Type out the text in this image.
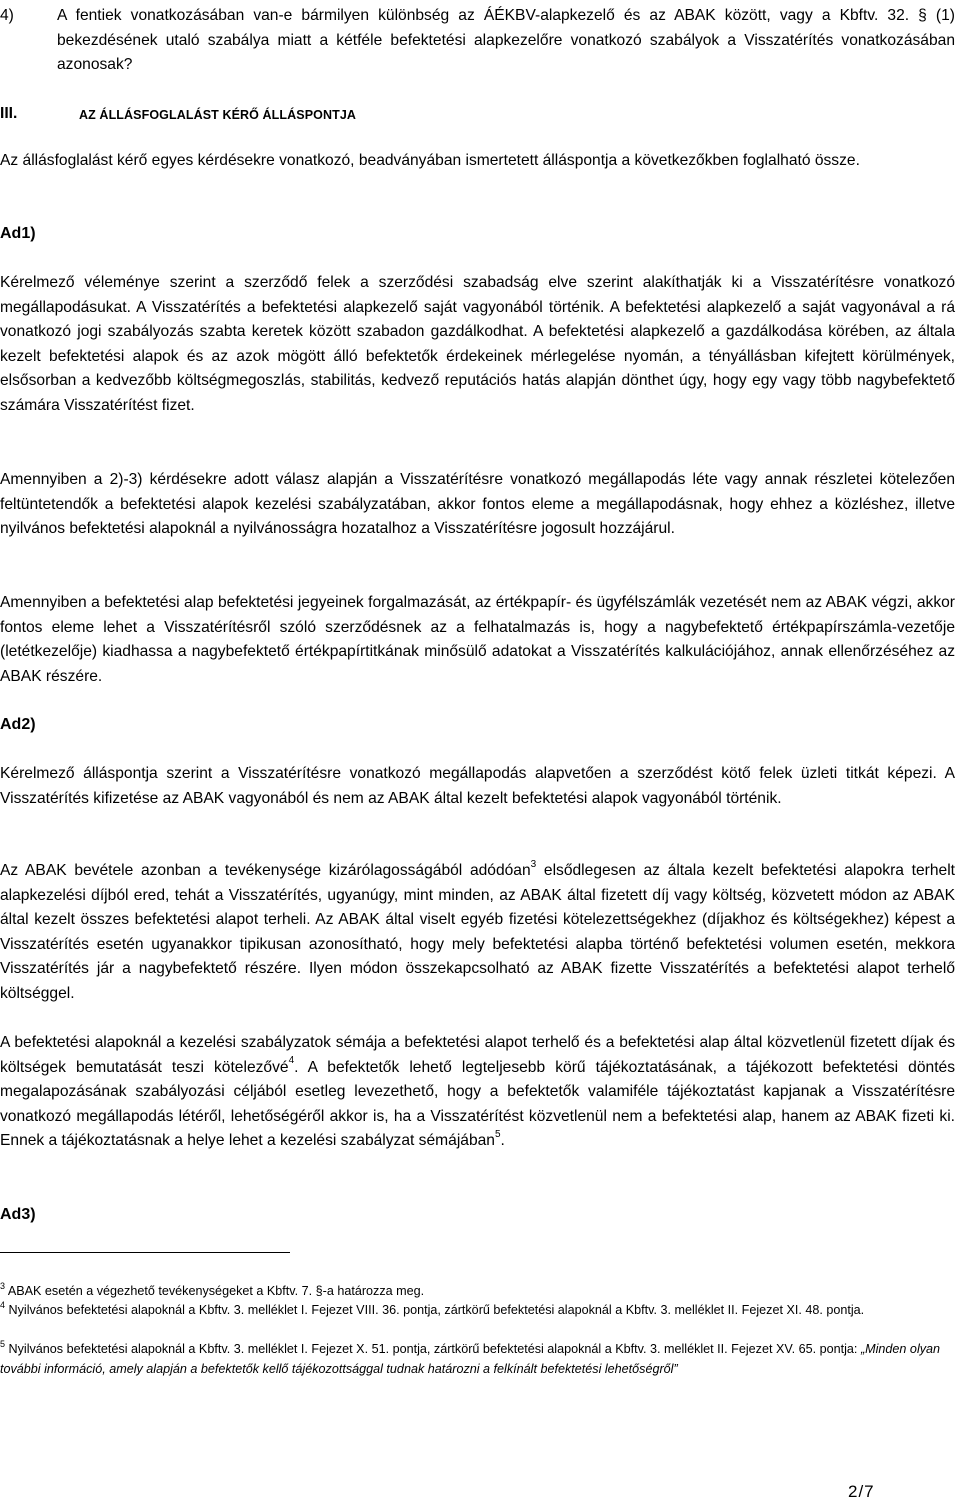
4)	A fentiek vonatkozásában van-e bármilyen különbség az ÁÉKBV-alapkezelő és az ABAK között, vagy a Kbftv. 32. § (1) bekezdésének utaló szabálya miatt a kétféle befektetési alapkezelőre vonatkozó szabályok a Visszatérítés vonatkozásában azonosak?

III.	AZ ÁLLÁSFOGLALÁST KÉRŐ ÁLLÁSPONTJA

Az állásfoglalást kérő egyes kérdésekre vonatkozó, beadványában ismertetett álláspontja a következőkben foglalható össze.

Ad1)

Kérelmező véleménye szerint a szerződő felek a szerződési szabadság elve szerint alakíthatják ki a Visszatérítésre vonatkozó megállapodásukat. A Visszatérítés a befektetési alapkezelő saját vagyonából történik. A befektetési alapkezelő a saját vagyonával a rá vonatkozó jogi szabályozás szabta keretek között szabadon gazdálkodhat. A befektetési alapkezelő a gazdálkodása körében, az általa kezelt befektetési alapok és az azok mögött álló befektetők érdekeinek mérlegelése nyomán, a tényállásban kifejtett körülmények, elsősorban a kedvezőbb költségmegoszlás, stabilitás, kedvező reputációs hatás alapján dönthet úgy, hogy egy vagy több nagybefektető számára Visszatérítést fizet.

Amennyiben a 2)-3) kérdésekre adott válasz alapján a Visszatérítésre vonatkozó megállapodás léte vagy annak részletei kötelezően feltüntetendők a befektetési alapok kezelési szabályzatában, akkor fontos eleme a megállapodásnak, hogy ehhez a közléshez, illetve nyilvános befektetési alapoknál a nyilvánosságra hozatalhoz a Visszatérítésre jogosult hozzájárul.

Amennyiben a befektetési alap befektetési jegyeinek forgalmazását, az értékpapír- és ügyfélszámlák vezetését nem az ABAK végzi, akkor fontos eleme lehet a Visszatérítésről szóló szerződésnek az a felhatalmazás is, hogy a nagybefektető értékpapírszámla-vezetője (letétkezelője) kiadhassa a nagybefektető értékpapírtitkának minősülő adatokat a Visszatérítés kalkulációjához, annak ellenőrzéséhez az ABAK részére.

Ad2)

Kérelmező álláspontja szerint a Visszatérítésre vonatkozó megállapodás alapvetően a szerződést kötő felek üzleti titkát képezi. A Visszatérítés kifizetése az ABAK vagyonából és nem az ABAK által kezelt befektetési alapok vagyonából történik.

Az ABAK bevétele azonban a tevékenysége kizárólagosságából adódóan$^3$ elsődlegesen az általa kezelt befektetési alapokra terhelt alapkezelési díjból ered, tehát a Visszatérítés, ugyanúgy, mint minden, az ABAK által fizetett díj vagy költség, közvetett módon az ABAK által kezelt összes befektetési alapot terheli. Az ABAK által viselt egyéb fizetési kötelezettségekhez (díjakhoz és költségekhez) képest a Visszatérítés esetén ugyanakkor tipikusan azonosítható, hogy mely befektetési alapba történő befektetési volumen esetén, mekkora Visszatérítés jár a nagybefektető részére. Ilyen módon összekapcsolható az ABAK fizette Visszatérítés a befektetési alapot terhelő költséggel.

A befektetési alapoknál a kezelési szabályzatok sémája a befektetési alapot terhelő és a befektetési alap által közvetlenül fizetett díjak és költségek bemutatását teszi kötelezővé$^4$. A befektetők lehető legteljesebb körű tájékoztatásának, a tájékozott befektetési döntés megalapozásának szabályozási céljából esetleg levezethető, hogy a befektetők valamiféle tájékoztatást kapjanak a Visszatérítésre vonatkozó megállapodás létéről, lehetőségéről akkor is, ha a Visszatérítést közvetlenül nem a befektetési alap, hanem az ABAK fizeti ki. Ennek a tájékoztatásnak a helye lehet a kezelési szabályzat sémájában$^5$.

Ad3)
$^3$ ABAK esetén a végezhető tevékenységeket a Kbftv. 7. §-a határozza meg.
$^4$ Nyilvános befektetési alapoknál a Kbftv. 3. melléklet I. Fejezet VIII. 36. pontja, zártkörű befektetési alapoknál a Kbftv. 3. melléklet II. Fejezet XI. 48. pontja.
$^5$ Nyilvános befektetési alapoknál a Kbftv. 3. melléklet I. Fejezet X. 51. pontja, zártkörű befektetési alapoknál a Kbftv. 3. melléklet II. Fejezet XV. 65. pontja: „Minden olyan további információ, amely alapján a befektetők kellő tájékozottsággal tudnak határozni a felkínált befektetési lehetőségről”
2/7
